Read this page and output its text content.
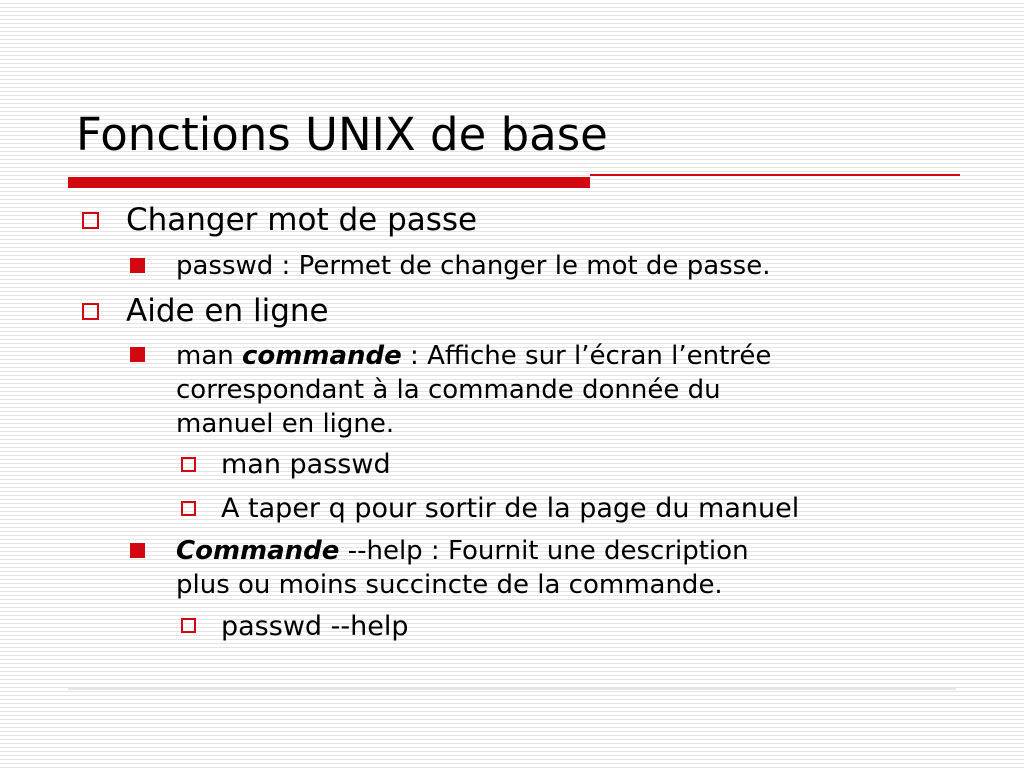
Fonctions UNIX de base
Changer mot de passe
passwd : Permet de changer le mot de passe.
Aide en ligne
man commande : Affiche sur l’écran l’entrée
correspondant à la commande donnée du
manuel en ligne.
man passwd
A taper q pour sortir de la page du manuel
Commande --help : Fournit une description
plus ou moins succincte de la commande.
passwd --help
